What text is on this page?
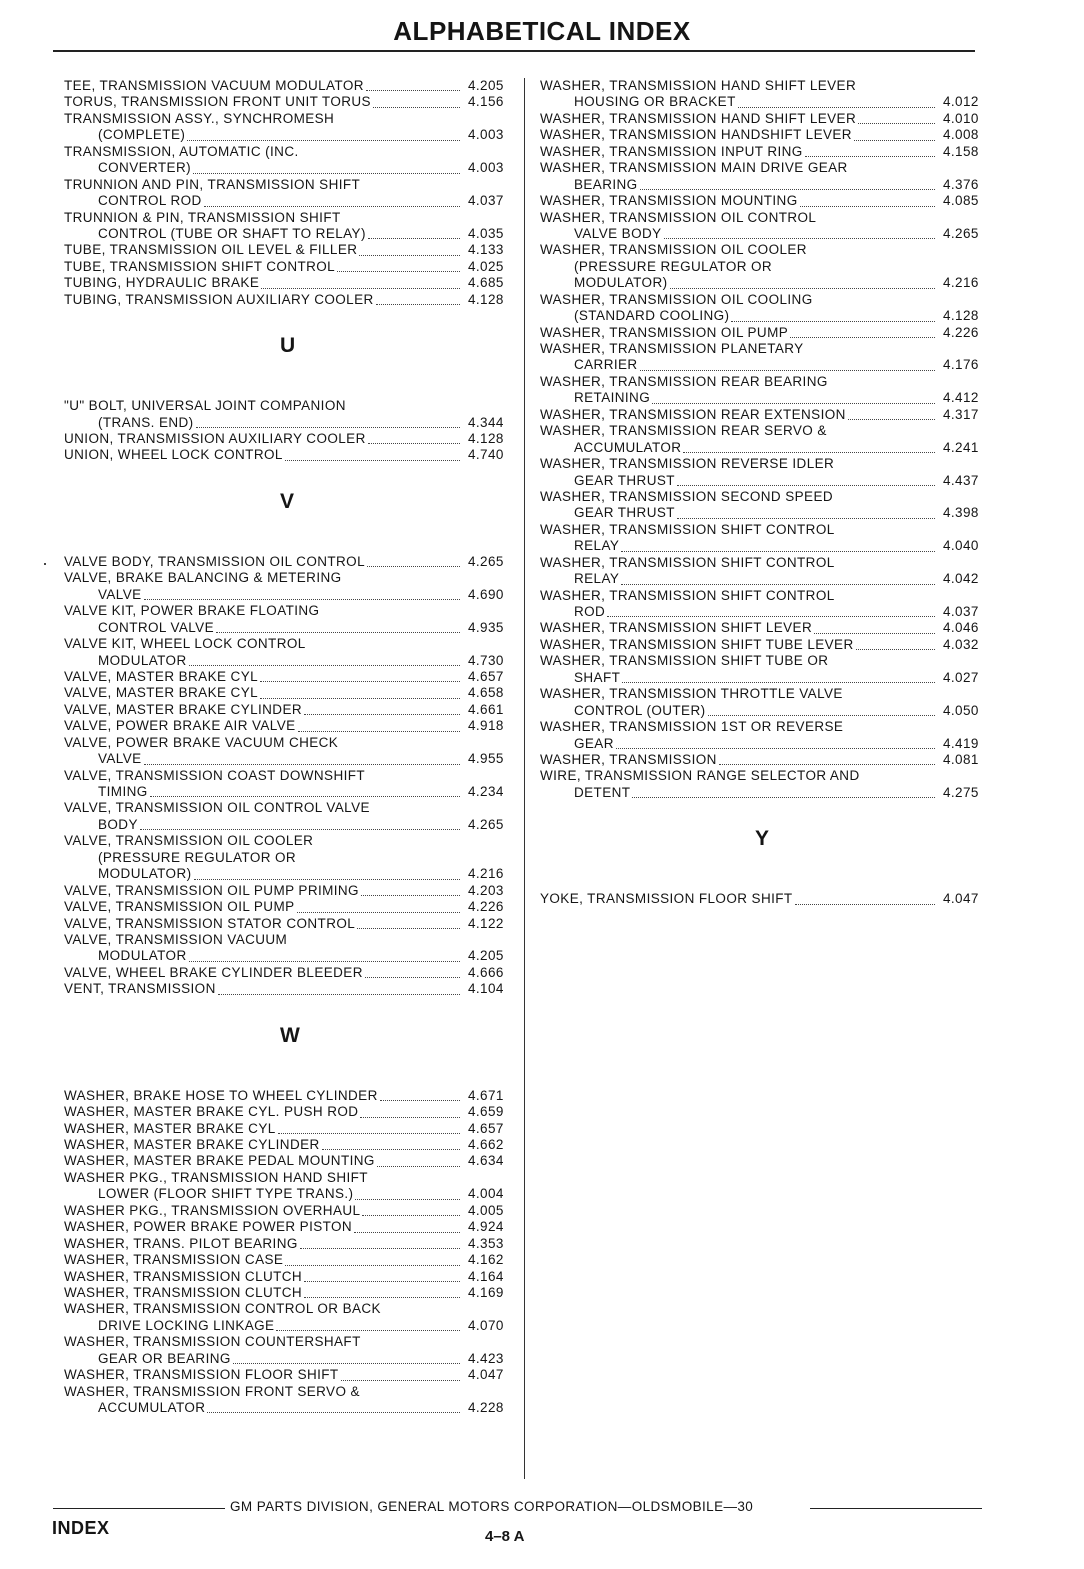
ALPHABETICAL INDEX
TEE, TRANSMISSION VACUUM MODULATOR	4.205
TORUS, TRANSMISSION FRONT UNIT TORUS	4.156
TRANSMISSION ASSY., SYNCHROMESH
(COMPLETE)	4.003
TRANSMISSION, AUTOMATIC (INC.
CONVERTER)	4.003
TRUNNION AND PIN, TRANSMISSION SHIFT
CONTROL ROD	4.037
TRUNNION & PIN, TRANSMISSION SHIFT
CONTROL (TUBE OR SHAFT TO RELAY)	4.035
TUBE, TRANSMISSION OIL LEVEL & FILLER	4.133
TUBE, TRANSMISSION SHIFT CONTROL	4.025
TUBING, HYDRAULIC BRAKE	4.685
TUBING, TRANSMISSION AUXILIARY COOLER	4.128
U
"U" BOLT, UNIVERSAL JOINT COMPANION
(TRANS. END)	4.344
UNION, TRANSMISSION AUXILIARY COOLER	4.128
UNION, WHEEL LOCK CONTROL	4.740
V
VALVE BODY, TRANSMISSION OIL CONTROL	4.265
VALVE, BRAKE BALANCING & METERING
VALVE	4.690
VALVE KIT, POWER BRAKE FLOATING
CONTROL VALVE	4.935
VALVE KIT, WHEEL LOCK CONTROL
MODULATOR	4.730
VALVE, MASTER BRAKE CYL	4.657
VALVE, MASTER BRAKE CYL	4.658
VALVE, MASTER BRAKE CYLINDER	4.661
VALVE, POWER BRAKE AIR VALVE	4.918
VALVE, POWER BRAKE VACUUM CHECK
VALVE	4.955
VALVE, TRANSMISSION COAST DOWNSHIFT
TIMING	4.234
VALVE, TRANSMISSION OIL CONTROL VALVE
BODY	4.265
VALVE, TRANSMISSION OIL COOLER
(PRESSURE REGULATOR OR
MODULATOR)	4.216
VALVE, TRANSMISSION OIL PUMP PRIMING	4.203
VALVE, TRANSMISSION OIL PUMP	4.226
VALVE, TRANSMISSION STATOR CONTROL	4.122
VALVE, TRANSMISSION VACUUM
MODULATOR	4.205
VALVE, WHEEL BRAKE CYLINDER BLEEDER	4.666
VENT, TRANSMISSION	4.104
W
WASHER, BRAKE HOSE TO WHEEL CYLINDER	4.671
WASHER, MASTER BRAKE CYL. PUSH ROD	4.659
WASHER, MASTER BRAKE CYL	4.657
WASHER, MASTER BRAKE CYLINDER	4.662
WASHER, MASTER BRAKE PEDAL MOUNTING	4.634
WASHER PKG., TRANSMISSION HAND SHIFT
LOWER (FLOOR SHIFT TYPE TRANS.)	4.004
WASHER PKG., TRANSMISSION OVERHAUL	4.005
WASHER, POWER BRAKE POWER PISTON	4.924
WASHER, TRANS. PILOT BEARING	4.353
WASHER, TRANSMISSION CASE	4.162
WASHER, TRANSMISSION CLUTCH	4.164
WASHER, TRANSMISSION CLUTCH	4.169
WASHER, TRANSMISSION CONTROL OR BACK
DRIVE LOCKING LINKAGE	4.070
WASHER, TRANSMISSION COUNTERSHAFT
GEAR OR BEARING	4.423
WASHER, TRANSMISSION FLOOR SHIFT	4.047
WASHER, TRANSMISSION FRONT SERVO &
ACCUMULATOR	4.228
WASHER, TRANSMISSION HAND SHIFT LEVER
HOUSING OR BRACKET	4.012
WASHER, TRANSMISSION HAND SHIFT LEVER	4.010
WASHER, TRANSMISSION HANDSHIFT LEVER	4.008
WASHER, TRANSMISSION INPUT RING	4.158
WASHER, TRANSMISSION MAIN DRIVE GEAR
BEARING	4.376
WASHER, TRANSMISSION MOUNTING	4.085
WASHER, TRANSMISSION OIL CONTROL
VALVE BODY	4.265
WASHER, TRANSMISSION OIL COOLER
(PRESSURE REGULATOR OR
MODULATOR)	4.216
WASHER, TRANSMISSION OIL COOLING
(STANDARD COOLING)	4.128
WASHER, TRANSMISSION OIL PUMP	4.226
WASHER, TRANSMISSION PLANETARY
CARRIER	4.176
WASHER, TRANSMISSION REAR BEARING
RETAINING	4.412
WASHER, TRANSMISSION REAR EXTENSION	4.317
WASHER, TRANSMISSION REAR SERVO &
ACCUMULATOR	4.241
WASHER, TRANSMISSION REVERSE IDLER
GEAR THRUST	4.437
WASHER, TRANSMISSION SECOND SPEED
GEAR THRUST	4.398
WASHER, TRANSMISSION SHIFT CONTROL
RELAY	4.040
WASHER, TRANSMISSION SHIFT CONTROL
RELAY	4.042
WASHER, TRANSMISSION SHIFT CONTROL
ROD	4.037
WASHER, TRANSMISSION SHIFT LEVER	4.046
WASHER, TRANSMISSION SHIFT TUBE LEVER	4.032
WASHER, TRANSMISSION SHIFT TUBE OR
SHAFT	4.027
WASHER, TRANSMISSION THROTTLE VALVE
CONTROL (OUTER)	4.050
WASHER, TRANSMISSION 1ST OR REVERSE
GEAR	4.419
WASHER, TRANSMISSION	4.081
WIRE, TRANSMISSION RANGE SELECTOR AND
DETENT	4.275
Y
YOKE, TRANSMISSION FLOOR SHIFT	4.047
GM PARTS DIVISION, GENERAL MOTORS CORPORATION—OLDSMOBILE—30
INDEX	4–8 A
